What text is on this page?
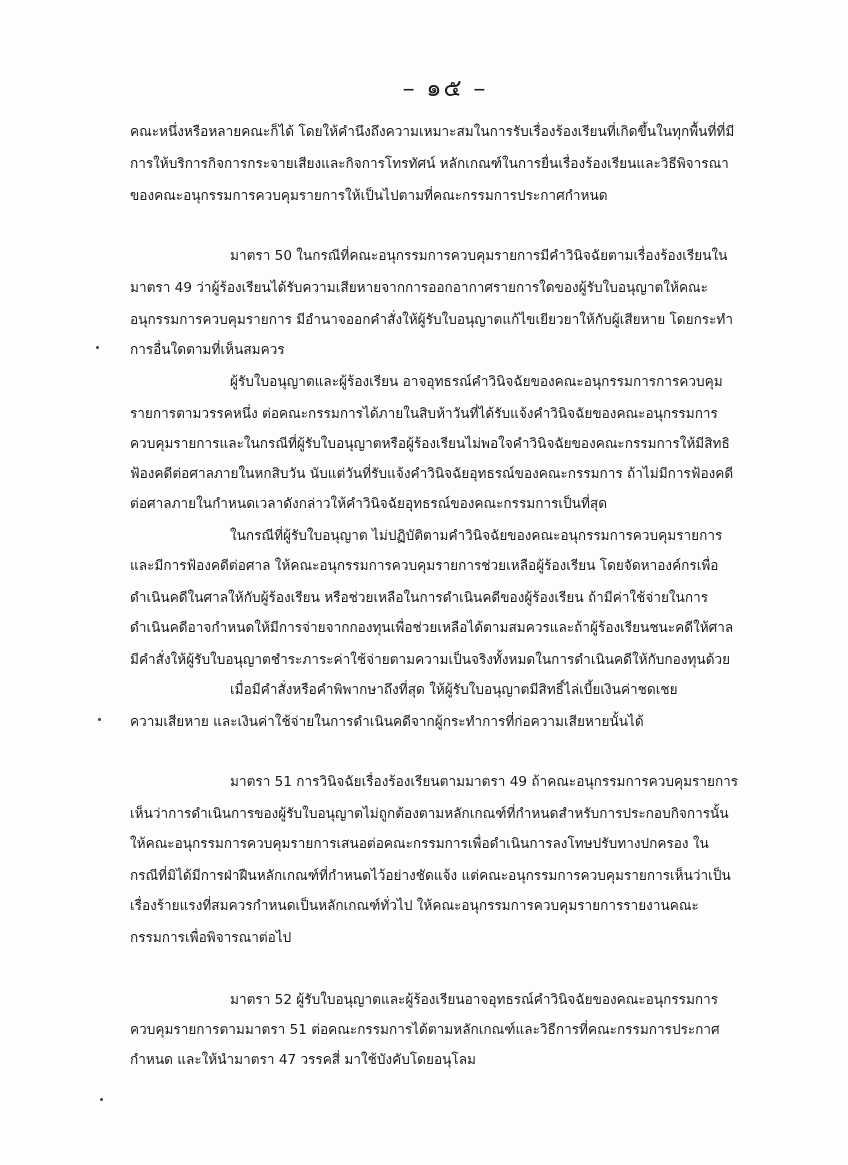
– ๑๕ –
คณะหนึ่งหรือหลายคณะก็ได้ โดยให้คำนึงถึงความเหมาะสมในการรับเรื่องร้องเรียนที่เกิดขึ้นในทุกพื้นที่ที่มี
การให้บริการกิจการกระจายเสียงและกิจการโทรทัศน์ หลักเกณฑ์ในการยื่นเรื่องร้องเรียนและวิธีพิจารณา
ของคณะอนุกรรมการควบคุมรายการให้เป็นไปตามที่คณะกรรมการประกาศกำหนด
มาตรา 50 ในกรณีที่คณะอนุกรรมการควบคุมรายการมีคำวินิจฉัยตามเรื่องร้องเรียนใน
มาตรา 49 ว่าผู้ร้องเรียนได้รับความเสียหายจากการออกอากาศรายการใดของผู้รับใบอนุญาตให้คณะ
อนุกรรมการควบคุมรายการ มีอำนาจออกคำสั่งให้ผู้รับใบอนุญาตแก้ไขเยียวยาให้กับผู้เสียหาย โดยกระทำ
การอื่นใดตามที่เห็นสมควร
ผู้รับใบอนุญาตและผู้ร้องเรียน อาจอุทธรณ์คำวินิจฉัยของคณะอนุกรรมการการควบคุม
รายการตามวรรคหนึ่ง ต่อคณะกรรมการได้ภายในสิบห้าวันที่ได้รับแจ้งคำวินิจฉัยของคณะอนุกรรมการ
ควบคุมรายการและในกรณีที่ผู้รับใบอนุญาตหรือผู้ร้องเรียนไม่พอใจคำวินิจฉัยของคณะกรรมการให้มีสิทธิ
ฟ้องคดีต่อศาลภายในหกสิบวัน นับแต่วันที่รับแจ้งคำวินิจฉัยอุทธรณ์ของคณะกรรมการ ถ้าไม่มีการฟ้องคดี
ต่อศาลภายในกำหนดเวลาดังกล่าวให้คำวินิจฉัยอุทธรณ์ของคณะกรรมการเป็นที่สุด
ในกรณีที่ผู้รับใบอนุญาต ไม่ปฏิบัติตามคำวินิจฉัยของคณะอนุกรรมการควบคุมรายการ
และมีการฟ้องคดีต่อศาล ให้คณะอนุกรรมการควบคุมรายการช่วยเหลือผู้ร้องเรียน โดยจัดหาองค์กรเพื่อ
ดำเนินคดีในศาลให้กับผู้ร้องเรียน หรือช่วยเหลือในการดำเนินคดีของผู้ร้องเรียน ถ้ามีค่าใช้จ่ายในการ
ดำเนินคดีอาจกำหนดให้มีการจ่ายจากกองทุนเพื่อช่วยเหลือได้ตามสมควรและถ้าผู้ร้องเรียนชนะคดีให้ศาล
มีคำสั่งให้ผู้รับใบอนุญาตชำระภาระค่าใช้จ่ายตามความเป็นจริงทั้งหมดในการดำเนินคดีให้กับกองทุนด้วย
เมื่อมีคำสั่งหรือคำพิพากษาถึงที่สุด ให้ผู้รับใบอนุญาตมีสิทธิ์ไล่เบี้ยเงินค่าชดเชย
ความเสียหาย และเงินค่าใช้จ่ายในการดำเนินคดีจากผู้กระทำการที่ก่อความเสียหายนั้นได้
มาตรา 51 การวินิจฉัยเรื่องร้องเรียนตามมาตรา 49 ถ้าคณะอนุกรรมการควบคุมรายการ
เห็นว่าการดำเนินการของผู้รับใบอนุญาตไม่ถูกต้องตามหลักเกณฑ์ที่กำหนดสำหรับการประกอบกิจการนั้น
ให้คณะอนุกรรมการควบคุมรายการเสนอต่อคณะกรรมการเพื่อดำเนินการลงโทษปรับทางปกครอง ใน
กรณีที่มิได้มีการฝ่าฝืนหลักเกณฑ์ที่กำหนดไว้อย่างชัดแจ้ง แต่คณะอนุกรรมการควบคุมรายการเห็นว่าเป็น
เรื่องร้ายแรงที่สมควรกำหนดเป็นหลักเกณฑ์ทั่วไป ให้คณะอนุกรรมการควบคุมรายการรายงานคณะ
กรรมการเพื่อพิจารณาต่อไป
มาตรา 52 ผู้รับใบอนุญาตและผู้ร้องเรียนอาจอุทธรณ์คำวินิจฉัยของคณะอนุกรรมการ
ควบคุมรายการตามมาตรา 51 ต่อคณะกรรมการได้ตามหลักเกณฑ์และวิธีการที่คณะกรรมการประกาศ
กำหนด และให้นำมาตรา 47 วรรคสี่ มาใช้บังคับโดยอนุโลม
